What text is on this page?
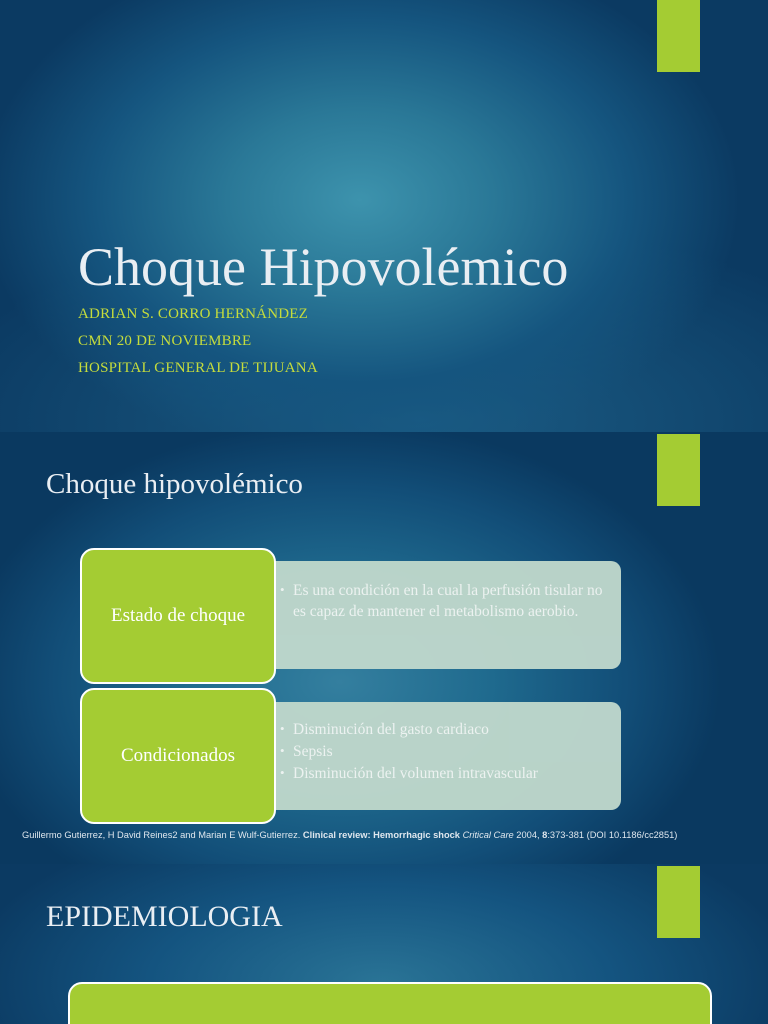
Choque Hipovolémico

ADRIAN S. CORRO HERNÁNDEZ

CMN 20 DE NOVIEMBRE

HOSPITAL GENERAL DE TIJUANA

Choque hipovolémico
• Es una condición en la cual la perfusión tisular no es capaz de mantener el metabolismo aerobio.
Estado de choque
• Disminución del gasto cardiaco
• Sepsis
• Disminución del volumen intravascular
Condicionados
Guillermo Gutierrez, H David Reines2 and Marian E Wulf-Gutierrez. Clinical review: Hemorrhagic shock Critical Care 2004, 8:373-381 (DOI 10.1186/cc2851)
EPIDEMIOLOGIA
